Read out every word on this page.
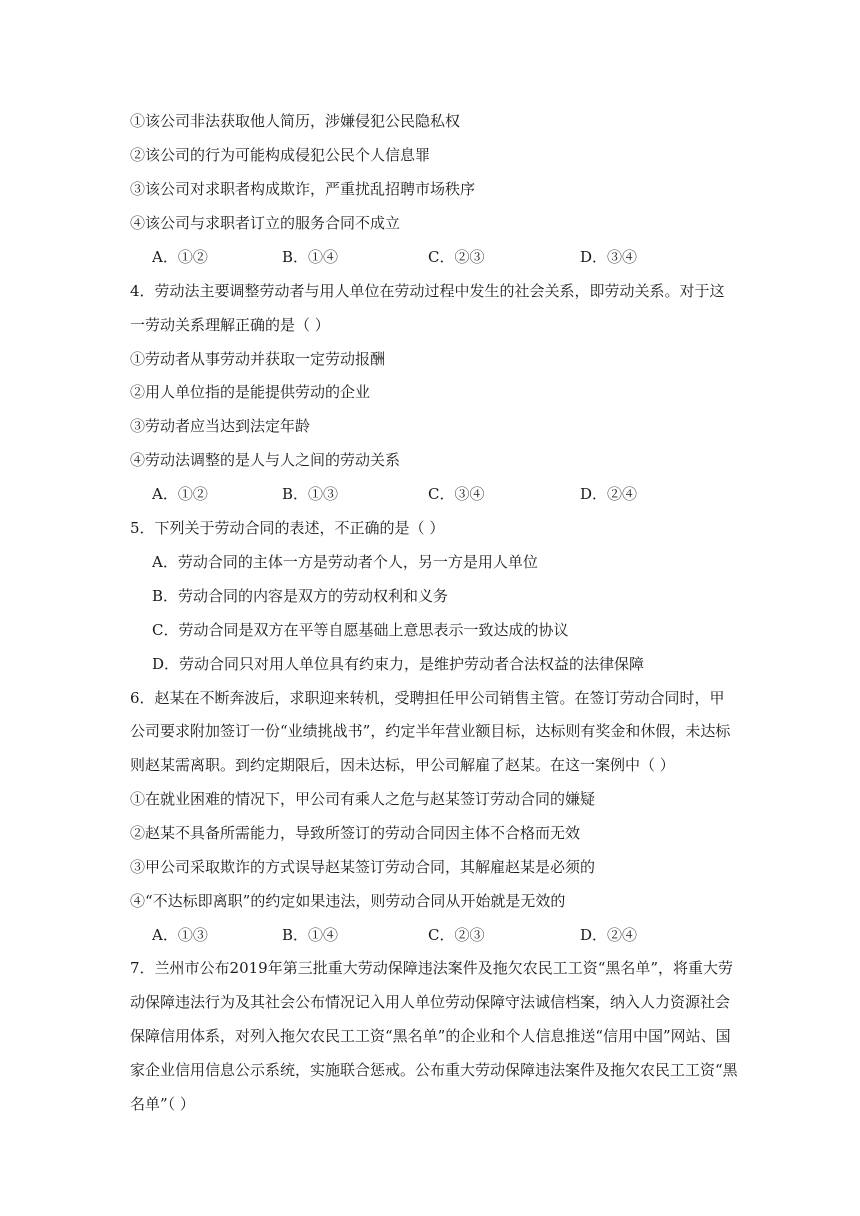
①该公司非法获取他人简历，涉嫌侵犯公民隐私权
②该公司的行为可能构成侵犯公民个人信息罪
③该公司对求职者构成欺诈，严重扰乱招聘市场秩序
④该公司与求职者订立的服务合同不成立
A．①②	B．①④	C．②③	D．③④
4．劳动法主要调整劳动者与用人单位在劳动过程中发生的社会关系，即劳动关系。对于这
一劳动关系理解正确的是（ ）
①劳动者从事劳动并获取一定劳动报酬
②用人单位指的是能提供劳动的企业
③劳动者应当达到法定年龄
④劳动法调整的是人与人之间的劳动关系
A．①②	B．①③	C．③④	D．②④
5．下列关于劳动合同的表述，不正确的是（ ）
A．劳动合同的主体一方是劳动者个人，另一方是用人单位
B．劳动合同的内容是双方的劳动权利和义务
C．劳动合同是双方在平等自愿基础上意思表示一致达成的协议
D．劳动合同只对用人单位具有约束力，是维护劳动者合法权益的法律保障
6．赵某在不断奔波后，求职迎来转机，受聘担任甲公司销售主管。在签订劳动合同时，甲
公司要求附加签订一份“业绩挑战书”，约定半年营业额目标，达标则有奖金和休假，未达标
则赵某需离职。到约定期限后，因未达标，甲公司解雇了赵某。在这一案例中（ ）
①在就业困难的情况下，甲公司有乘人之危与赵某签订劳动合同的嫌疑
②赵某不具备所需能力，导致所签订的劳动合同因主体不合格而无效
③甲公司采取欺诈的方式误导赵某签订劳动合同，其解雇赵某是必须的
④“不达标即离职”的约定如果违法，则劳动合同从开始就是无效的
A．①③	B．①④	C．②③	D．②④
7．兰州市公布2019年第三批重大劳动保障违法案件及拖欠农民工工资“黑名单”，将重大劳
动保障违法行为及其社会公布情况记入用人单位劳动保障守法诚信档案，纳入人力资源社会
保障信用体系，对列入拖欠农民工工资“黑名单”的企业和个人信息推送“信用中国”网站、国
家企业信用信息公示系统，实施联合惩戒。公布重大劳动保障违法案件及拖欠农民工工资“黑
名单”（ ）
